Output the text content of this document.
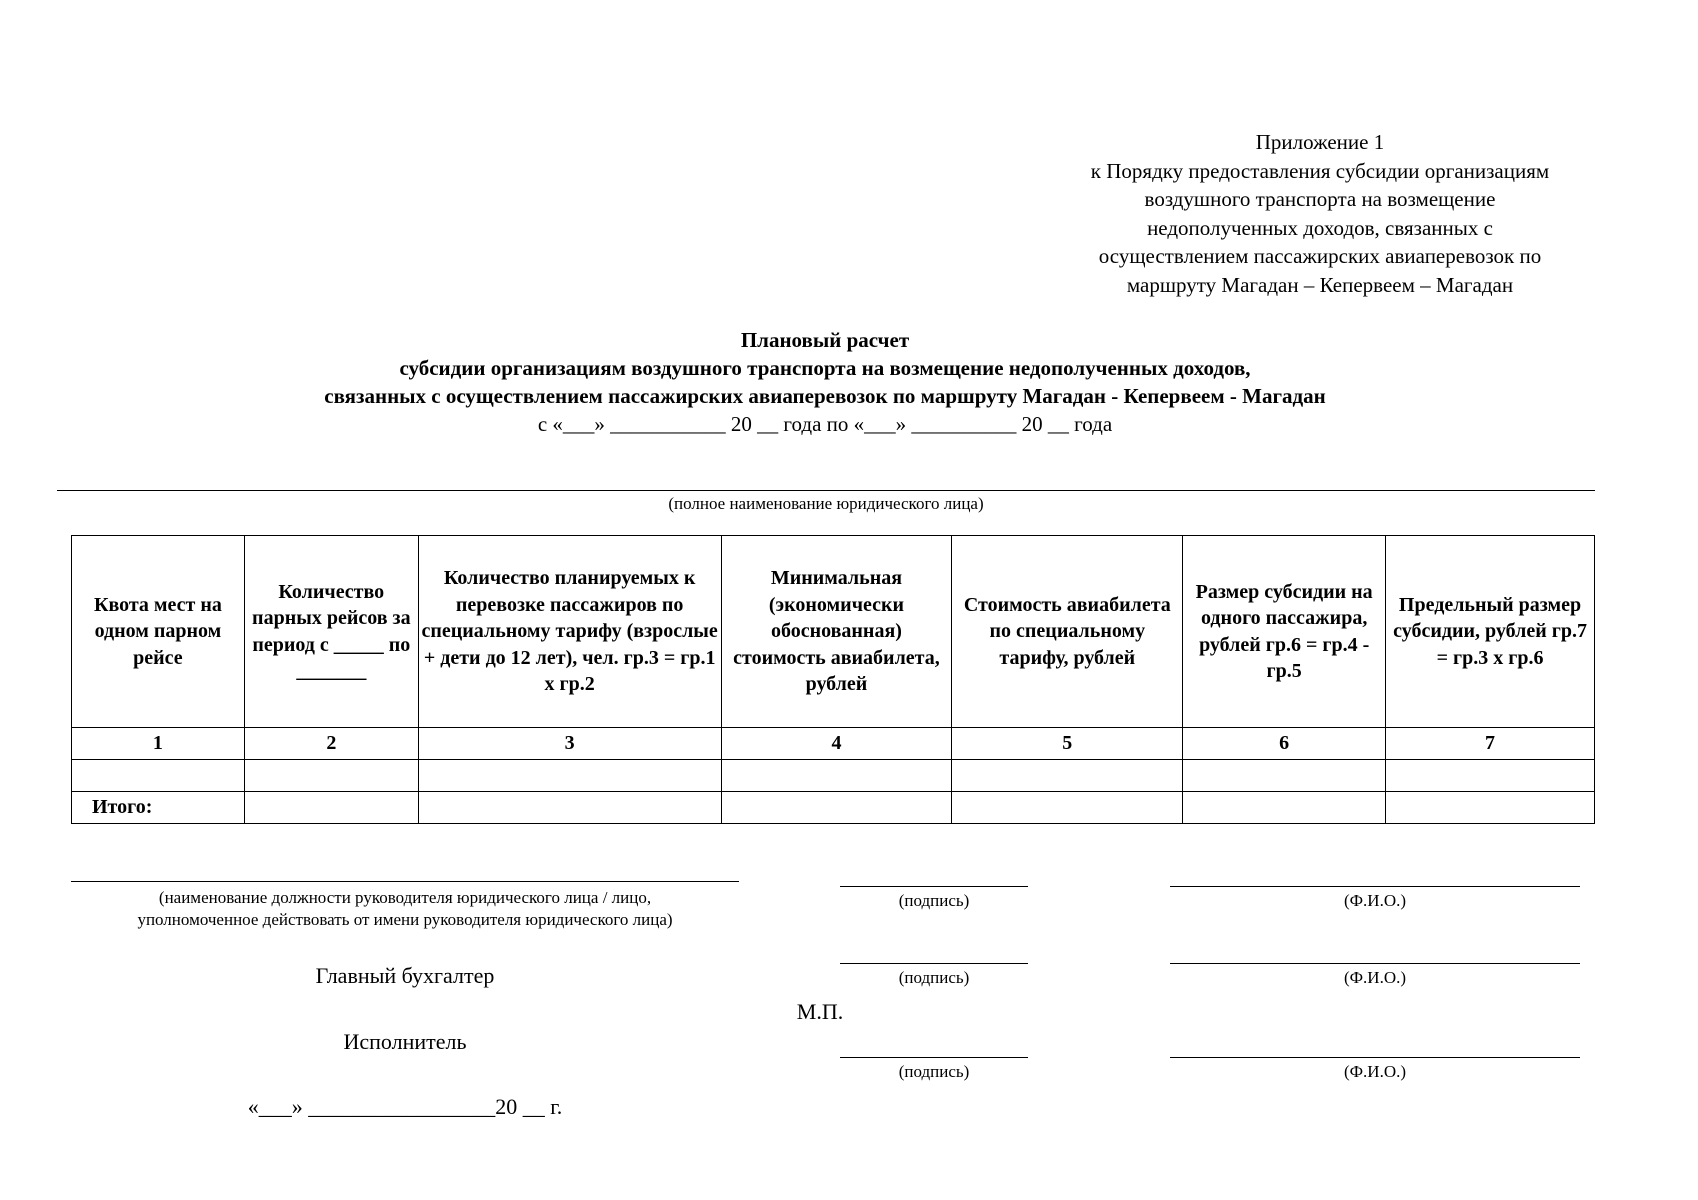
Приложение 1
к Порядку предоставления субсидии организациям
воздушного транспорта на возмещение
недополученных доходов, связанных с
осуществлением пассажирских авиаперевозок по
маршруту Магадан – Кепервеем – Магадан
Плановый расчет
субсидии организациям воздушного транспорта на возмещение недополученных доходов,
связанных с осуществлением пассажирских авиаперевозок по маршруту Магадан - Кепервеем - Магадан
с «___» ___________ 20 __ года по «___» __________ 20 __ года
(полное наименование юридического лица)
Квота мест на одном парном рейсе	Количество парных рейсов за период с _____ по _______	Количество планируемых к перевозке пассажиров по специальному тарифу (взрослые + дети до 12 лет), чел. гр.3 = гр.1 х гр.2	Минимальная (экономически обоснованная) стоимость авиабилета, рублей	Стоимость авиабилета по специальному тарифу, рублей	Размер субсидии на одного пассажира, рублей гр.6 = гр.4 - гр.5	Предельный размер субсидии, рублей гр.7 = гр.3 х гр.6
1	2	3	4	5	6	7

Итого:						
(наименование должности руководителя юридического лица / лицо,
уполномоченное действовать от имени руководителя юридического лица)
(подпись)	(Ф.И.О.)
Главный бухгалтер	(подпись)	(Ф.И.О.)
М.П.
Исполнитель
(подпись)	(Ф.И.О.)
«___» _________________20 __ г.
